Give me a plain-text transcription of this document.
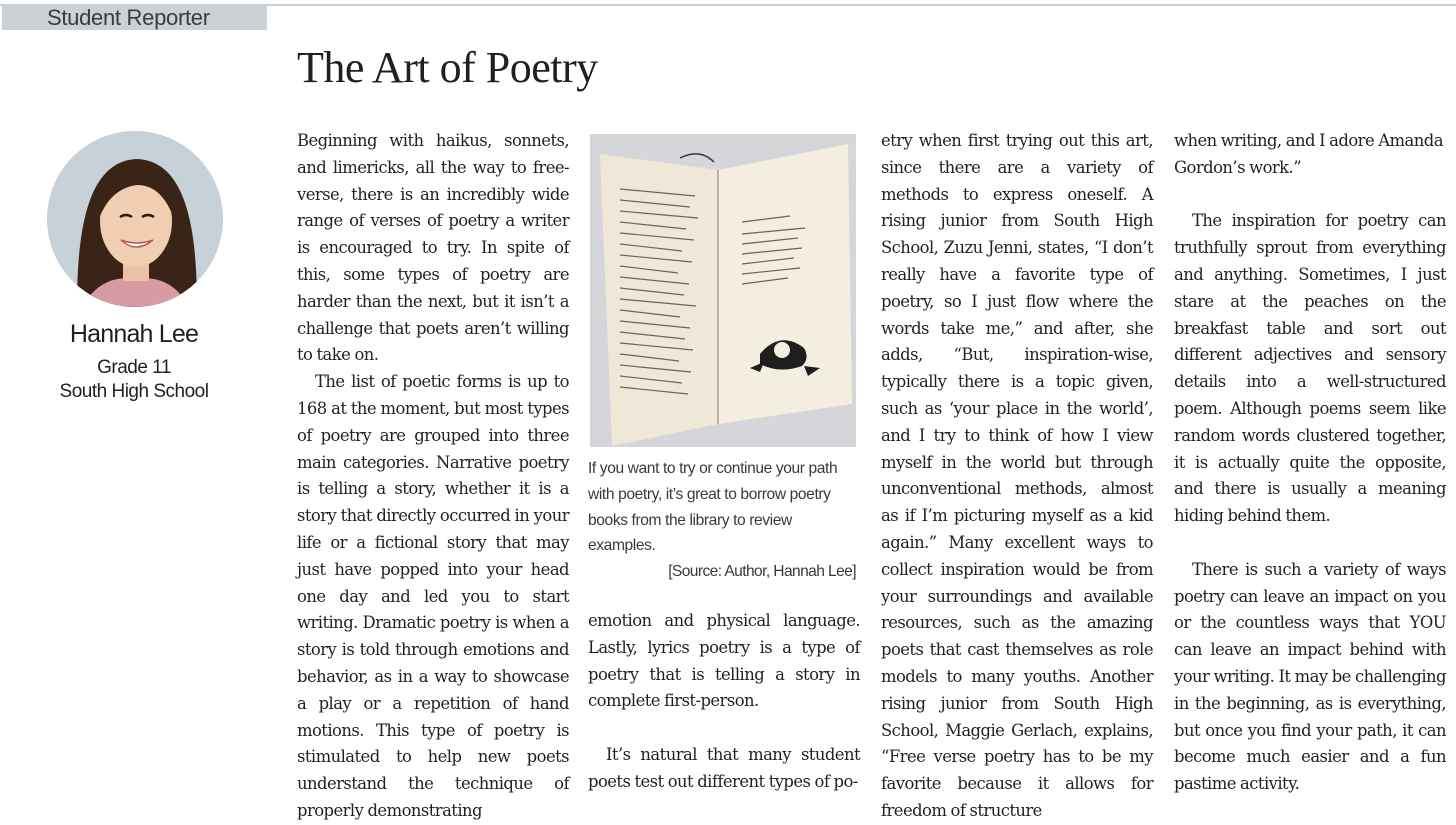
Student Reporter
The Art of Poetry
Hannah Lee
Grade 11
South High School

Beginning with haikus, sonnets, and limericks, all the way to free-verse, there is an incredibly wide range of verses of poetry a writer is encouraged to try. In spite of this, some types of poetry are harder than the next, but it isn’t a challenge that poets aren’t willing to take on.

The list of poetic forms is up to 168 at the moment, but most types of poetry are grouped into three main categories. Narrative poetry is telling a story, whether it is a story that directly occurred in your life or a fictional story that may just have popped into your head one day and led you to start writing. Dramatic poetry is when a story is told through emotions and behavior, as in a way to showcase a play or a repetition of hand motions. This type of poetry is stimulated to help new poets understand the technique of properly demonstrating

If you want to try or continue your path with poetry, it’s great to borrow poetry books from the library to review examples.

[Source: Author, Hannah Lee]

emotion and physical language. Lastly, lyrics poetry is a type of poetry that is telling a story in complete first-person.

It’s natural that many student poets test out different types of po-

etry when first trying out this art, since there are a variety of methods to express oneself. A rising junior from South High School, Zuzu Jenni, states, “I don’t really have a favorite type of poetry, so I just flow where the words take me,” and after, she adds, “But, inspiration-wise, typically there is a topic given, such as ‘your place in the world’, and I try to think of how I view myself in the world but through unconventional methods, almost as if I’m picturing myself as a kid again.” Many excellent ways to collect inspiration would be from your surroundings and available resources, such as the amazing poets that cast themselves as role models to many youths. Another rising junior from South High School, Maggie Gerlach, explains, “Free verse poetry has to be my favorite because it allows for freedom of structure

when writing, and I adore Amanda Gordon’s work.”

The inspiration for poetry can truthfully sprout from everything and anything. Sometimes, I just stare at the peaches on the breakfast table and sort out different adjectives and sensory details into a well-structured poem. Although poems seem like random words clustered together, it is actually quite the opposite, and there is usually a meaning hiding behind them.

There is such a variety of ways poetry can leave an impact on you or the countless ways that YOU can leave an impact behind with your writing. It may be challenging in the beginning, as is everything, but once you find your path, it can become much easier and a fun pastime activity.
